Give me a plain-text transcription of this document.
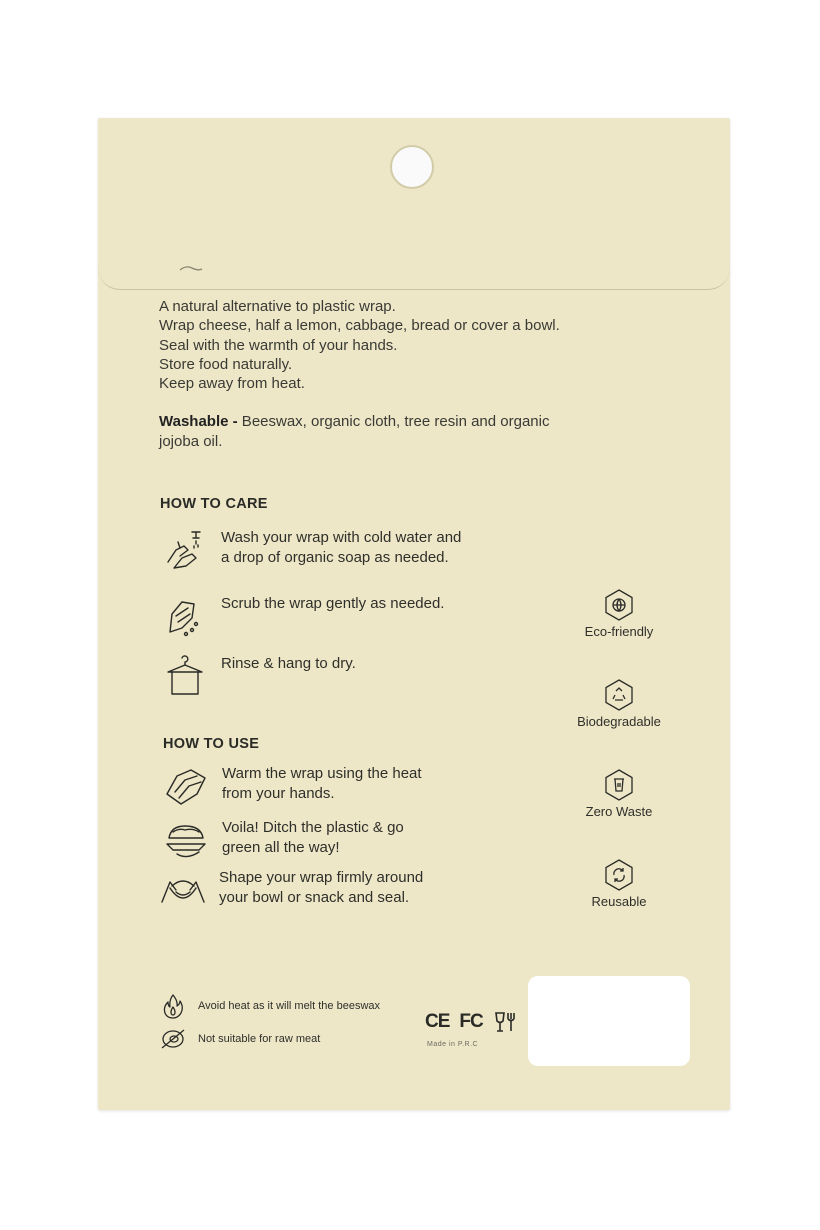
A natural alternative to plastic wrap.

Wrap cheese, half a lemon, cabbage, bread or cover a bowl.

Seal with the warmth of your hands.

Store food naturally.

Keep away from heat.

Washable - Beeswax, organic cloth, tree resin and organic
jojoba oil.
HOW TO CARE
Wash your wrap with cold water and
a drop of organic soap as needed.
Scrub the wrap gently as needed.
Rinse & hang to dry.
HOW TO USE
Warm the wrap using the heat
from your hands.
Voila! Ditch the plastic & go
green all the way!
Shape your wrap firmly around
your bowl or snack and seal.
Eco-friendly
Biodegradable
Zero Waste
Reusable
Avoid heat as it will melt the beeswax
Not suitable for raw meat
CE FC
Made in P.R.C
